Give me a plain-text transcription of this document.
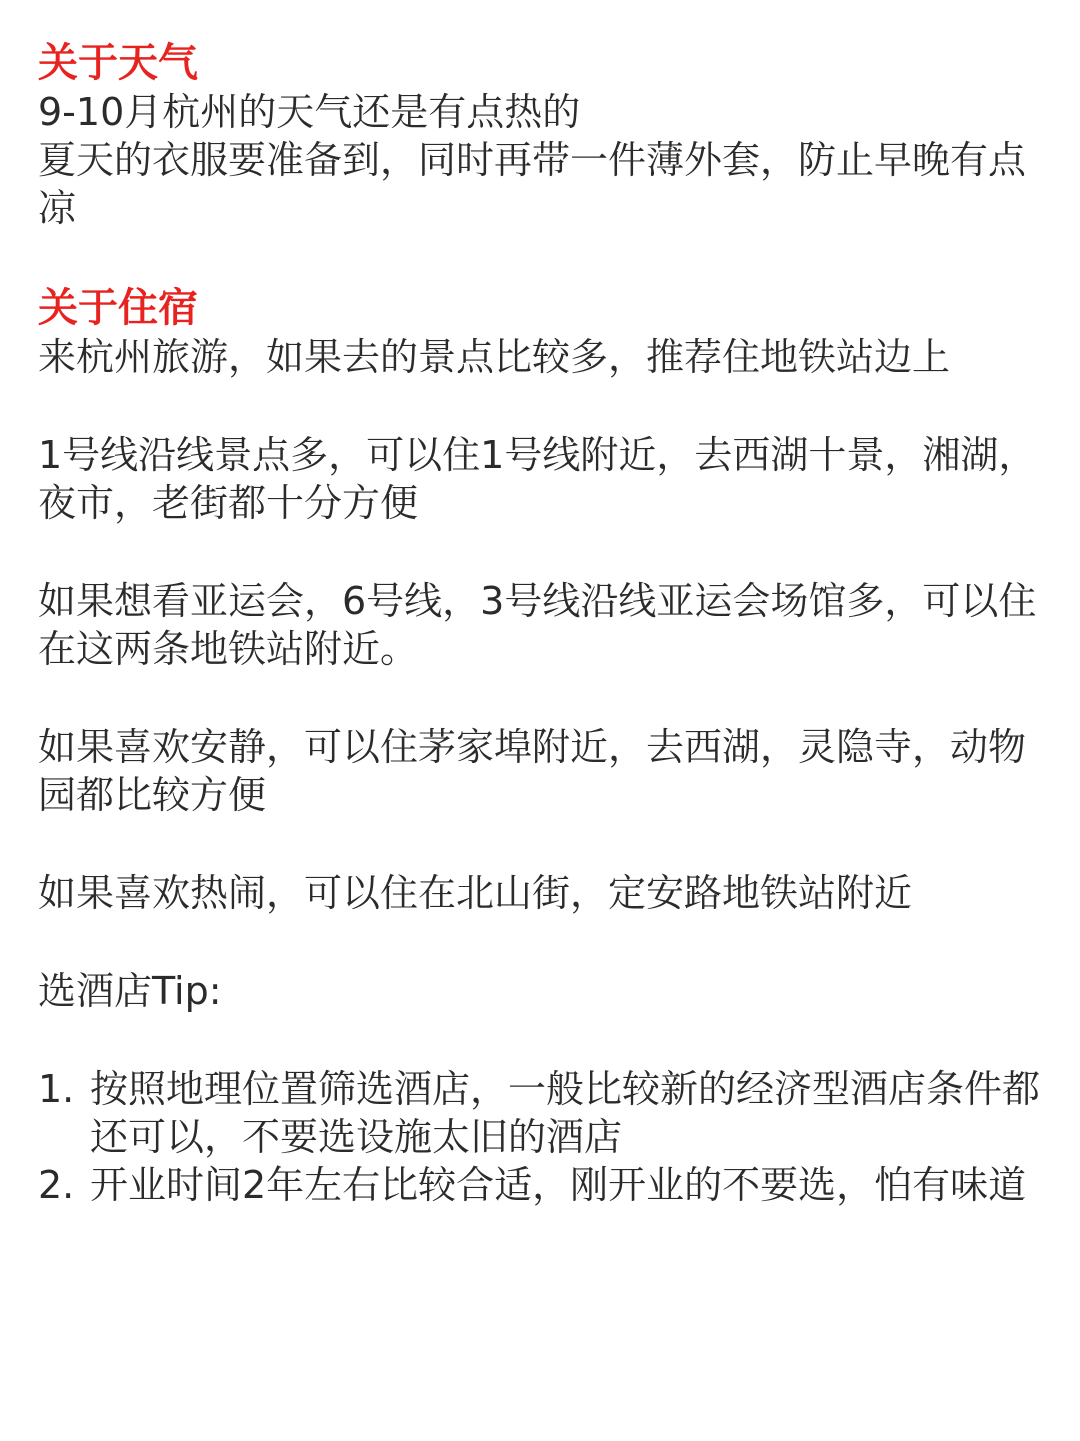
关于天气

9-10月杭州的天气还是有点热的

夏天的衣服要准备到，同时再带一件薄外套，防止早晚有点凉

关于住宿

来杭州旅游，如果去的景点比较多，推荐住地铁站边上

1号线沿线景点多，可以住1号线附近，去西湖十景，湘湖，夜市，老街都十分方便

如果想看亚运会，6号线，3号线沿线亚运会场馆多，可以住在这两条地铁站附近。

如果喜欢安静，可以住茅家埠附近，去西湖，灵隐寺，动物园都比较方便

如果喜欢热闹，可以住在北山街，定安路地铁站附近

选酒店Tip:

1. 按照地理位置筛选酒店，一般比较新的经济型酒店条件都还可以，不要选设施太旧的酒店
2. 开业时间2年左右比较合适，刚开业的不要选，怕有味道
